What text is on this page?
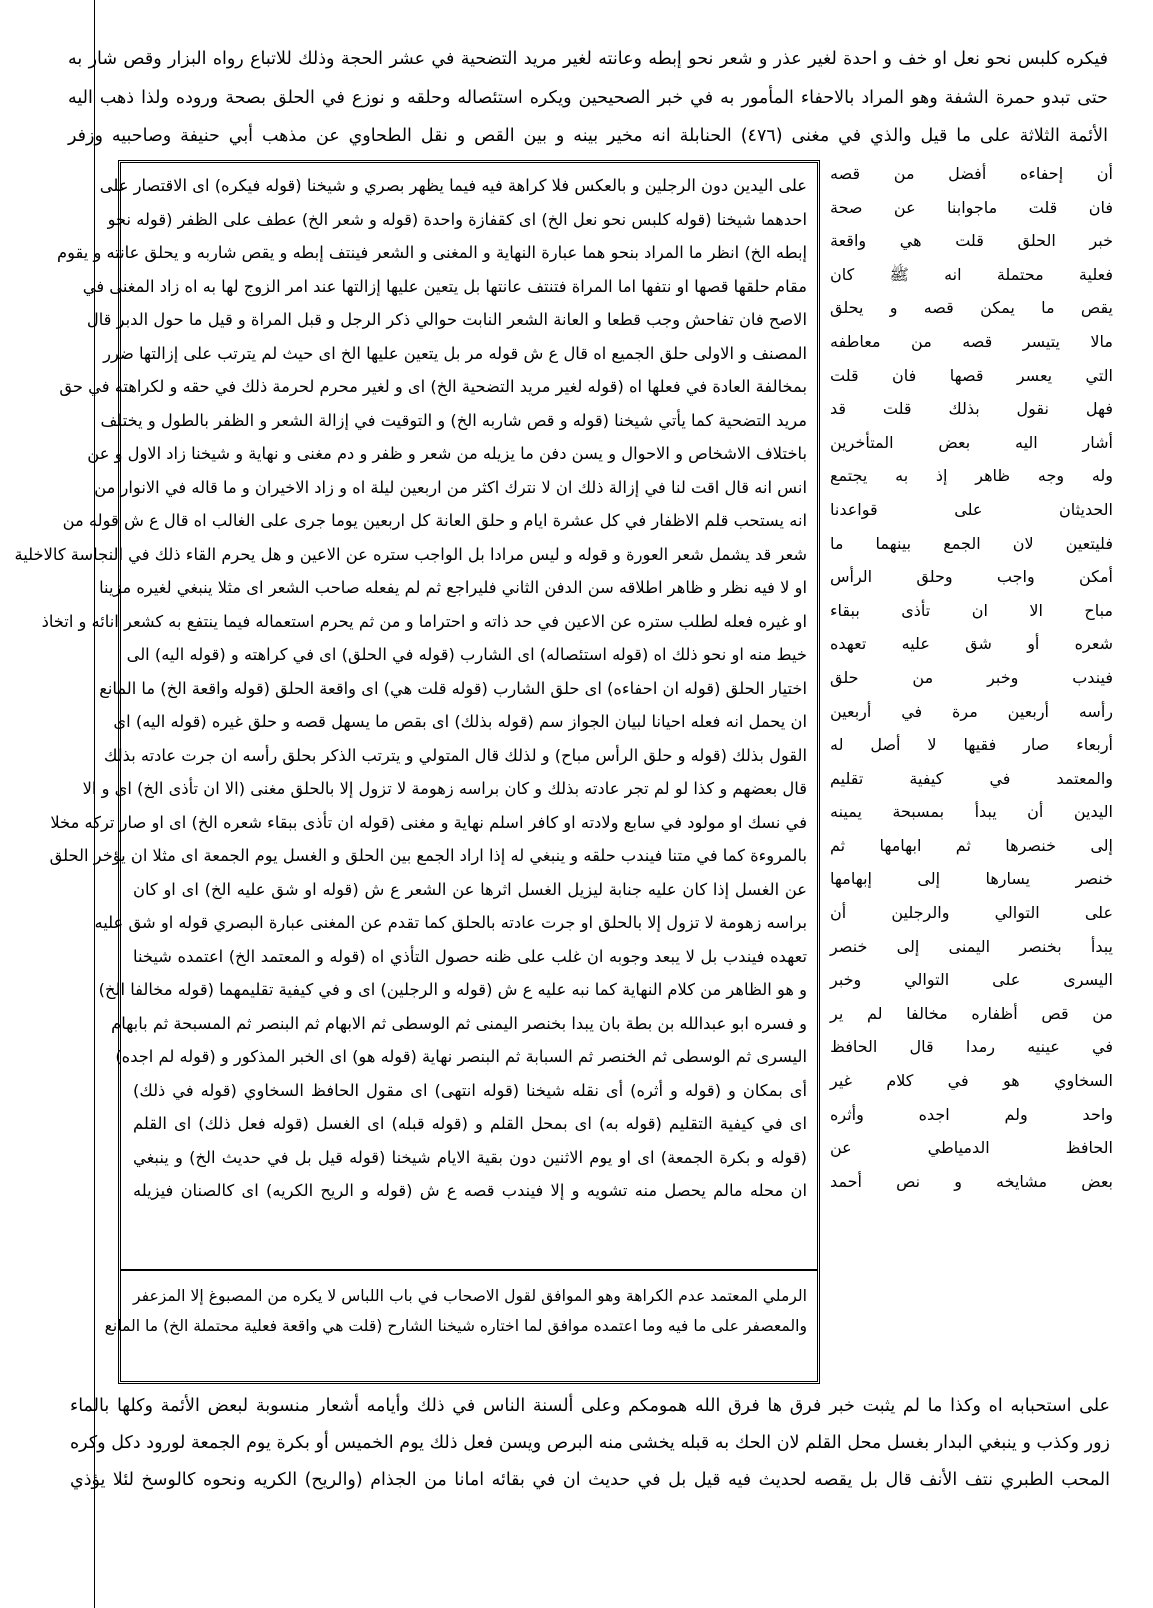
فيكره كلبس نحو نعل او خف و احدة لغير عذر و شعر نحو إبطه وعانته لغير مريد التضحية في عشر الحجة وذلك للاتباع رواه البزار وقص شار به
حتى تبدو حمرة الشفة وهو المراد بالاحفاء المأمور به في خبر الصحيحين ويكره استئصاله وحلقه و نوزع في الحلق بصحة وروده ولذا ذهب اليه
الأئمة الثلاثة على ما قيل والذي في مغنى (٤٧٦) الحنابلة انه مخير بينه و بين القص و نقل الطحاوي عن مذهب أبي حنيفة وصاحبيه وزفر
أن إحفاءه أفضل من قصه
فان قلت ماجوابنا عن صحة
خبر الحلق قلت هي واقعة
فعلية محتملة انه ﷺ كان
يقص ما يمكن قصه و يحلق
مالا يتيسر قصه من معاطفه
التي يعسر قصها فان قلت
فهل نقول بذلك قلت قد
أشار اليه بعض المتأخرين
وله وجه ظاهر إذ به يجتمع
الحديثان على قواعدنا
فليتعين لان الجمع بينهما ما
أمكن واجب وحلق الرأس
مباح الا ان تأذى ببقاء
شعره أو شق عليه تعهده
فيندب وخبر من حلق
رأسه أربعين مرة في أربعين
أربعاء صار فقيها لا أصل له
والمعتمد في كيفية تقليم
اليدين أن يبدأ بمسبحة يمينه
إلى خنصرها ثم ابهامها ثم
خنصر يسارها إلى إبهامها
على التوالي والرجلين أن
يبدأ بخنصر اليمنى إلى خنصر
اليسرى على التوالي وخبر
من قص أظفاره مخالفا لم ير
في عينيه رمدا قال الحافظ
السخاوي هو في كلام غير
واحد ولم اجده وأثره
الحافظ الدمياطي عن
بعض مشايخه و نص أحمد
على اليدين دون الرجلين و بالعكس فلا كراهة فيه فيما يظهر بصري و شيخنا (قوله فيكره) اى الاقتصار على
احدهما شيخنا (قوله كلبس نحو نعل الخ) اى كقفازة واحدة (قوله و شعر الخ) عطف على الظفر (قوله نحو
إبطه الخ) انظر ما المراد بنحو هما عبارة النهاية و المغنى و الشعر فينتف إبطه و يقص شاربه و يحلق عانته و يقوم
مقام حلقها قصها او نتفها اما المراة فتنتف عانتها بل يتعين عليها إزالتها عند امر الزوج لها به اه زاد المغنى في
الاصح فان تفاحش وجب قطعا و العانة الشعر النابت حوالي ذكر الرجل و قبل المراة و قيل ما حول الدبر قال
المصنف و الاولى حلق الجميع اه قال ع ش قوله مر بل يتعين عليها الخ اى حيث لم يترتب على إزالتها ضرر
بمخالفة العادة في فعلها اه (قوله لغير مريد التضحية الخ) اى و لغير محرم لحرمة ذلك في حقه و لكراهته في حق
مريد التضحية كما يأتي شيخنا (قوله و قص شاربه الخ) و التوقيت في إزالة الشعر و الظفر بالطول و يختلف
باختلاف الاشخاص و الاحوال و يسن دفن ما يزيله من شعر و ظفر و دم مغنى و نهاية و شيخنا زاد الاول و عن
انس انه قال اقت لنا في إزالة ذلك ان لا نترك اكثر من اربعين ليلة اه و زاد الاخيران و ما قاله في الانوار من
انه يستحب قلم الاظفار في كل عشرة ايام و حلق العانة كل اربعين يوما جرى على الغالب اه قال ع ش قوله من
شعر قد يشمل شعر العورة و قوله و ليس مرادا بل الواجب ستره عن الاعين و هل يحرم القاء ذلك في النجاسة كالاخلية
او لا فيه نظر و ظاهر اطلاقه سن الدفن الثاني فليراجع ثم لم يفعله صاحب الشعر اى مثلا ينبغي لغيره مزينا
او غيره فعله لطلب ستره عن الاعين في حد ذاته و احتراما و من ثم يحرم استعماله فيما ينتفع به كشعر انائه و اتخاذ
خيط منه او نحو ذلك اه (قوله استئصاله) اى الشارب (قوله في الحلق) اى في كراهته و (قوله اليه) الى
اختيار الحلق (قوله ان احفاءه) اى حلق الشارب (قوله قلت هي) اى واقعة الحلق (قوله واقعة الخ) ما المانع
ان يحمل انه فعله احيانا لبيان الجواز سم (قوله بذلك) اى بقص ما يسهل قصه و حلق غيره (قوله اليه) اى
القول بذلك (قوله و حلق الرأس مباح) و لذلك قال المتولي و يترتب الذكر بحلق رأسه ان جرت عادته بذلك
قال بعضهم و كذا لو لم تجر عادته بذلك و كان براسه زهومة لا تزول إلا بالحلق مغنى (الا ان تأذى الخ) اى و الا
في نسك او مولود في سابع ولادته او كافر اسلم نهاية و مغنى (قوله ان تأذى ببقاء شعره الخ) اى او صار تركه مخلا
بالمروءة كما في متنا فيندب حلقه و ينبغي له إذا اراد الجمع بين الحلق و الغسل يوم الجمعة اى مثلا ان يؤخر الحلق
عن الغسل إذا كان عليه جنابة ليزيل الغسل اثرها عن الشعر ع ش (قوله او شق عليه الخ) اى او كان
براسه زهومة لا تزول إلا بالحلق او جرت عادته بالحلق كما تقدم عن المغنى عبارة البصري قوله او شق عليه
تعهده فيندب بل لا يبعد وجوبه ان غلب على ظنه حصول التأذي اه (قوله و المعتمد الخ) اعتمده شيخنا
و هو الظاهر من كلام النهاية كما نبه عليه ع ش (قوله و الرجلين) اى و في كيفية تقليمهما (قوله مخالفا الخ)
و فسره ابو عبدالله بن بطة بان يبدا بخنصر اليمنى ثم الوسطى ثم الابهام ثم البنصر ثم المسبحة ثم بابهام
اليسرى ثم الوسطى ثم الخنصر ثم السبابة ثم البنصر نهاية (قوله هو) اى الخبر المذكور و (قوله لم اجده)
أى بمكان و (قوله و أثره) أى نقله شيخنا (قوله انتهى) اى مقول الحافظ السخاوي (قوله في ذلك)
اى في كيفية التقليم (قوله به) اى بمحل القلم و (قوله قبله) اى الغسل (قوله فعل ذلك) اى القلم
(قوله و بكرة الجمعة) اى او يوم الاثنين دون بقية الايام شيخنا (قوله قيل بل في حديث الخ) و ينبغي
ان محله مالم يحصل منه تشويه و إلا فيندب قصه ع ش (قوله و الريح الكريه) اى كالصنان فيزيله
الرملي المعتمد عدم الكراهة وهو الموافق لقول الاصحاب في باب اللباس لا يكره من المصبوغ إلا المزعفر
والمعصفر على ما فيه وما اعتمده موافق لما اختاره شيخنا الشارح (قلت هي واقعة فعلية محتملة الخ) ما المانع
على استحبابه اه وكذا ما لم يثبت خبر فرق ها فرق الله همومكم وعلى ألسنة الناس في ذلك وأيامه أشعار منسوبة لبعض الأئمة وكلها بالماء
زور وكذب و ينبغي البدار بغسل محل القلم لان الحك به قبله يخشى منه البرص ويسن فعل ذلك يوم الخميس أو بكرة يوم الجمعة لورود دكل وكره
المحب الطبري نتف الأنف قال بل يقصه لحديث فيه قيل بل في حديث ان في بقائه امانا من الجذام (والريح) الكريه ونحوه كالوسخ لئلا يؤذي
